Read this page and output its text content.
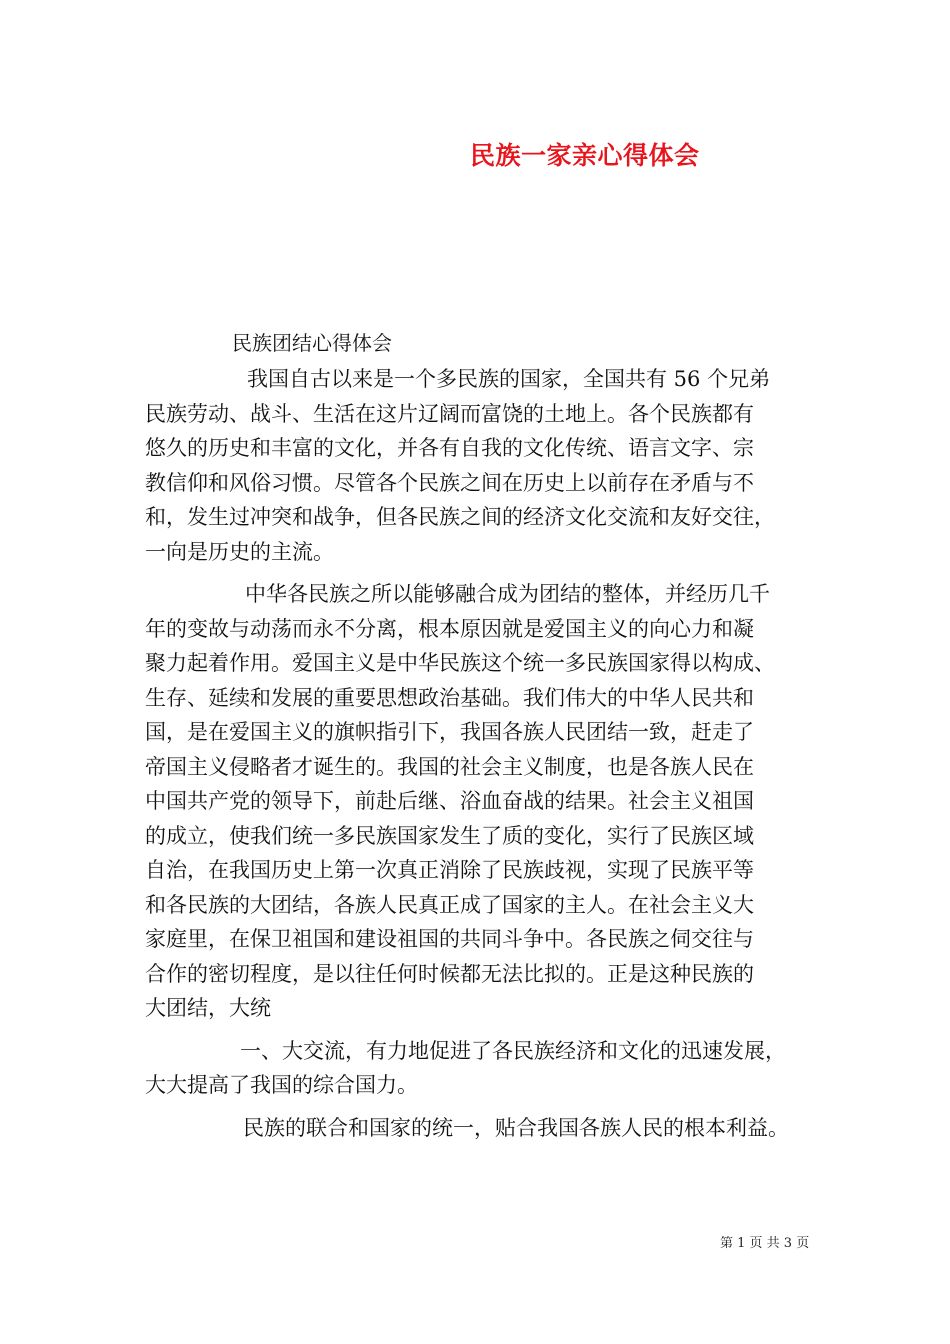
民族一家亲心得体会
民族团结心得体会
我国自古以来是一个多民族的国家，全国共有 56 个兄弟
民族劳动、战斗、生活在这片辽阔而富饶的土地上。各个民族都有
悠久的历史和丰富的文化，并各有自我的文化传统、语言文字、宗
教信仰和风俗习惯。尽管各个民族之间在历史上以前存在矛盾与不
和，发生过冲突和战争，但各民族之间的经济文化交流和友好交往，
一向是历史的主流。
中华各民族之所以能够融合成为团结的整体，并经历几千
年的变故与动荡而永不分离，根本原因就是爱国主义的向心力和凝
聚力起着作用。爱国主义是中华民族这个统一多民族国家得以构成、
生存、延续和发展的重要思想政治基础。我们伟大的中华人民共和
国，是在爱国主义的旗帜指引下，我国各族人民团结一致，赶走了
帝国主义侵略者才诞生的。我国的社会主义制度，也是各族人民在
中国共产党的领导下，前赴后继、浴血奋战的结果。社会主义祖国
的成立，使我们统一多民族国家发生了质的变化，实行了民族区域
自治，在我国历史上第一次真正消除了民族歧视，实现了民族平等
和各民族的大团结，各族人民真正成了国家的主人。在社会主义大
家庭里，在保卫祖国和建设祖国的共同斗争中。各民族之伺交往与
合作的密切程度，是以往任何时候都无法比拟的。正是这种民族的
大团结，大统
一、大交流，有力地促进了各民族经济和文化的迅速发展，
大大提高了我国的综合国力。
民族的联合和国家的统一，贴合我国各族人民的根本利益。
第 1 页 共 3 页
